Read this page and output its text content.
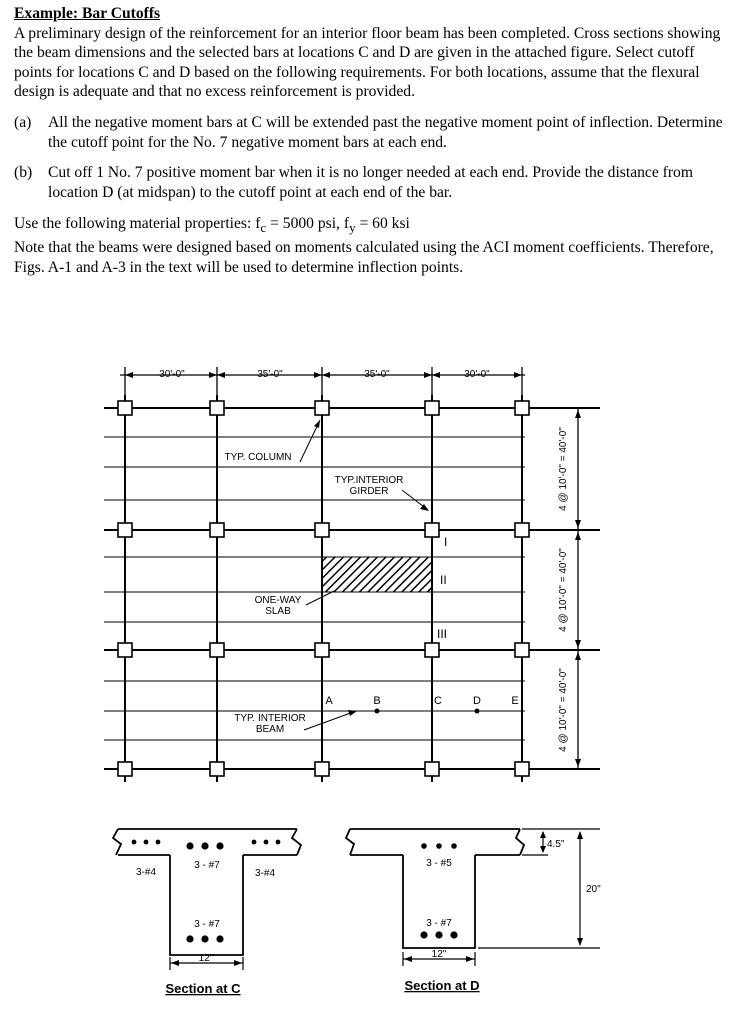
Example: Bar Cutoffs

A preliminary design of the reinforcement for an interior floor beam has been completed. Cross sections showing the beam dimensions and the selected bars at locations C and D are given in the attached figure. Select cutoff points for locations C and D based on the following requirements. For both locations, assume that the flexural design is adequate and that no excess reinforcement is provided.

(a)	All the negative moment bars at C will be extended past the negative moment point of inflection. Determine the cutoff point for the No. 7 negative moment bars at each end.
(b)	Cut off 1 No. 7 positive moment bar when it is no longer needed at each end. Provide the distance from location D (at midspan) to the cutoff point at each end of the bar.
Use the following material properties: $f_c = 5000$ psi, $f_y = 60$ ksi

Note that the beams were designed based on moments calculated using the ACI moment coefficients. Therefore, Figs. A-1 and A-3 in the text will be used to determine inflection points.

30'-0"	35'-0"	35'-0"	30'-0"
4 @ 10'-0" = 40'-0"
4 @ 10'-0" = 40'-0"
4 @ 10'-0" = 40'-0"
TYP. COLUMN
TYP.INTERIOR
GIRDER
ONE-WAY
SLAB
TYP. INTERIOR
BEAM
A	B	C	D	E
I
II
III
3-#4
3 - #7
3-#4
3 - #7
12"
Section at C
3 - #5
3 - #7
12"
4.5"
20"
Section at D
